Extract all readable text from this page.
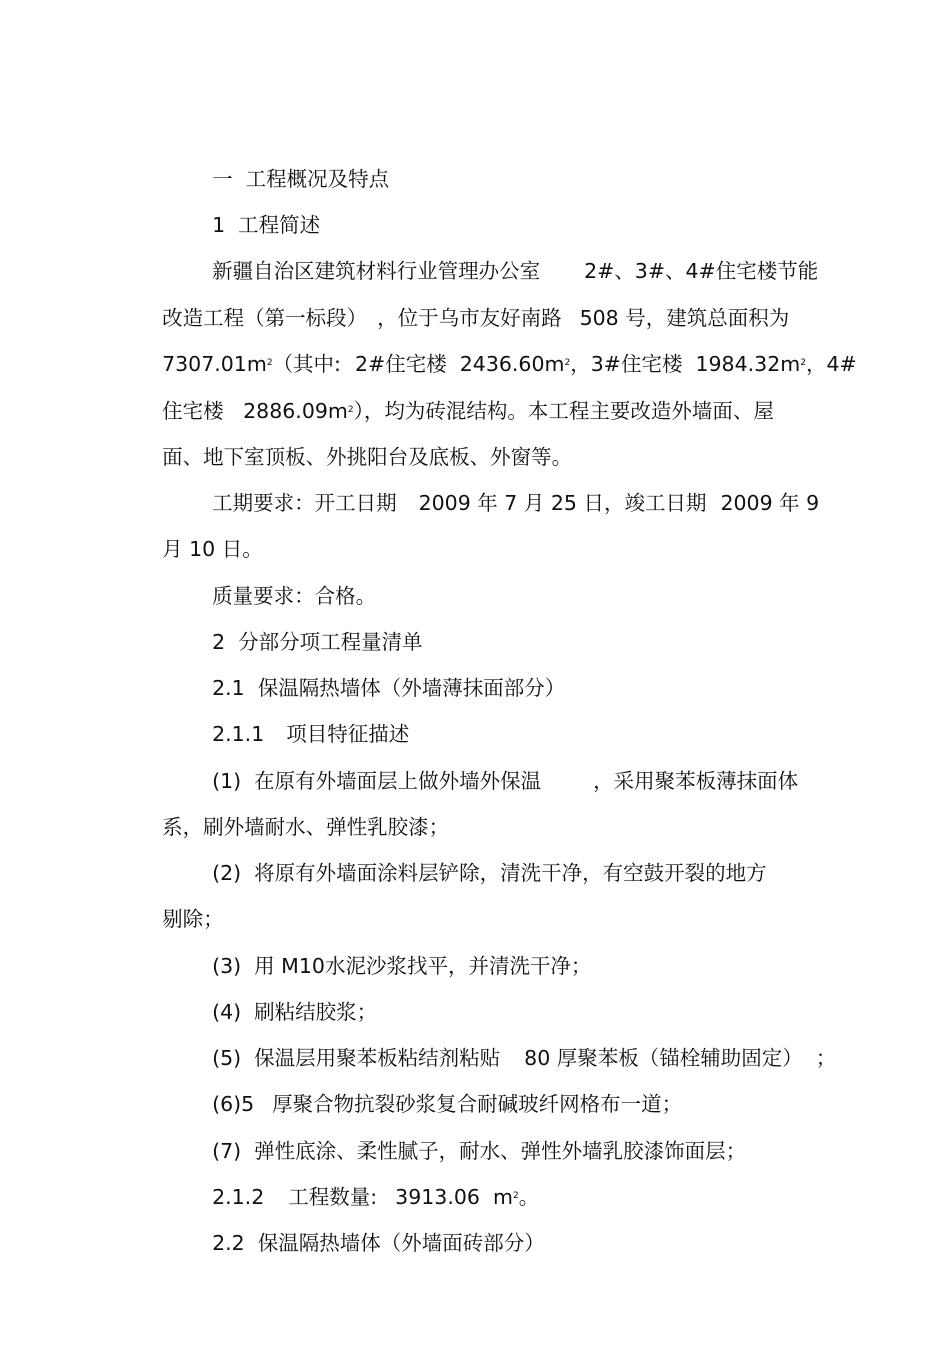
一  工程概况及特点

1  工程简述

新疆自治区建筑材料行业管理办公室 2#、3#、4#住宅楼节能

改造工程（第一标段） ，位于乌市友好南路 508 号，建筑总面积为

$7307.01m^2$（其中: 2#住宅楼  $2436.60m^2$，3#住宅楼  $1984.32m^2$，4#

住宅楼   $2886.09m^2$），均为砖混结构。本工程主要改造外墙面、屋

面、地下室顶板、外挑阳台及底板、外窗等。

工期要求：开工日期 2009 年 7 月 25 日，竣工日期 2009 年 9

月 10 日。

质量要求：合格。

2  分部分项工程量清单

2.1  保温隔热墙体（外墙薄抹面部分）

2.1.1 项目特征描述

(1)  在原有外墙面层上做外墙外保温	，采用聚苯板薄抹面体

系，刷外墙耐水、弹性乳胶漆；

(2)  将原有外墙面涂料层铲除，清洗干净，有空鼓开裂的地方

剔除；

(3)  用 M10水泥沙浆找平，并清洗干净；

(4)  刷粘结胶浆；

(5)  保温层用聚苯板粘结剂粘贴 80 厚聚苯板（锚栓辅助固定）  ；

(6)5 厚聚合物抗裂砂浆复合耐碱玻纤网格布一道；

(7)  弹性底涂、柔性腻子，耐水、弹性外墙乳胶漆饰面层；

2.1.2 工程数量: 3913.06  $m^2$。

2.2  保温隔热墙体（外墙面砖部分）
